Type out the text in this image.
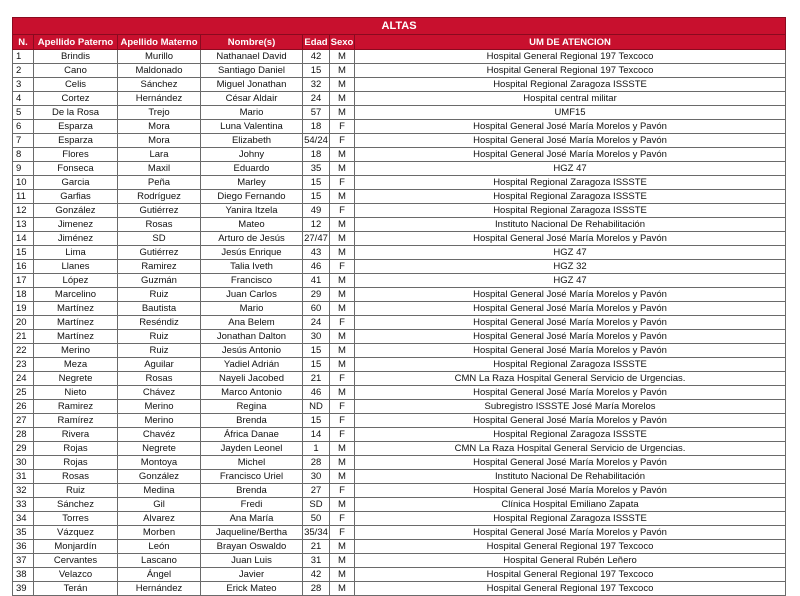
ALTAS						
N.	Apellido Paterno	Apellido Materno	Nombre(s)	Edad	Sexo	UM DE ATENCION
1	Brindis	Murillo	Nathanael David	42	M	Hospital General Regional 197 Texcoco
2	Cano	Maldonado	Santiago Daniel	15	M	Hospital General Regional 197 Texcoco
3	Celis	Sánchez	Miguel Jonathan	32	M	Hospital Regional Zaragoza ISSSTE
4	Cortez	Hernández	César Aldair	24	M	Hospital central militar
5	De la Rosa	Trejo	Mario	57	M	UMF15
6	Esparza	Mora	Luna Valentina	18	F	Hospital General José María Morelos y Pavón
7	Esparza	Mora	Elizabeth	54/24	F	Hospital General José María Morelos y Pavón
8	Flores	Lara	Johny	18	M	Hospital General José María Morelos y Pavón
9	Fonseca	Maxil	Eduardo	35	M	HGZ 47
10	Garcia	Peña	Marley	15	F	Hospital Regional Zaragoza ISSSTE
11	Garfias	Rodríguez	Diego Fernando	15	M	Hospital Regional Zaragoza ISSSTE
12	González	Gutiérrez	Yanira Itzela	49	F	Hospital Regional Zaragoza ISSSTE
13	Jimenez	Rosas	Mateo	12	M	Instituto Nacional De Rehabilitación
14	Jiménez	SD	Arturo de Jesús	27/47	M	Hospital General José María Morelos y Pavón
15	Lima	Gutiérrez	Jesús Enrique	43	M	HGZ 47
16	Llanes	Ramirez	Talia Iveth	46	F	HGZ 32
17	López	Guzmán	Francisco	41	M	HGZ 47
18	Marcelino	Ruiz	Juan Carlos	29	M	Hospital General José María Morelos y Pavón
19	Martínez	Bautista	Mario	60	M	Hospital General José María Morelos y Pavón
20	Martínez	Reséndiz	Ana Belem	24	F	Hospital General José María Morelos y Pavón
21	Martínez	Ruiz	Jonathan Dalton	30	M	Hospital General José María Morelos y Pavón
22	Merino	Ruiz	Jesús Antonio	15	M	Hospital General José María Morelos y Pavón
23	Meza	Aguilar	Yadiel Adrián	15	M	Hospital Regional Zaragoza ISSSTE
24	Negrete	Rosas	Nayeli Jacobed	21	F	CMN La Raza Hospital General Servicio de Urgencias.
25	Nieto	Chávez	Marco Antonio	46	M	Hospital General José María Morelos y Pavón
26	Ramirez	Merino	Regina	ND	F	Subregistro ISSSTE José María Morelos
27	Ramírez	Merino	Brenda	15	F	Hospital General José María Morelos y Pavón
28	Rivera	Chavéz	África Danae	14	F	Hospital Regional Zaragoza ISSSTE
29	Rojas	Negrete	Jayden Leonel	1	M	CMN La Raza Hospital General Servicio de Urgencias.
30	Rojas	Montoya	Michel	28	M	Hospital General José María Morelos y Pavón
31	Rosas	González	Francisco Uriel	30	M	Instituto Nacional De Rehabilitación
32	Ruiz	Medina	Brenda	27	F	Hospital General José María Morelos y Pavón
33	Sánchez	Gil	Fredi	SD	M	Clínica Hospital Emiliano Zapata
34	Torres	Alvarez	Ana María	50	F	Hospital Regional Zaragoza ISSSTE
35	Vázquez	Morben	Jaqueline/Bertha	35/34	F	Hospital General José María Morelos y Pavón
36	Monjardín	León	Brayan Oswaldo	21	M	Hospital General Regional 197 Texcoco
37	Cervantes	Lascano	Juan Luis	31	M	Hospital General Rubén Leñero
38	Velazco	Ángel	Javier	42	M	Hospital General Regional 197 Texcoco
39	Terán	Hernández	Erick Mateo	28	M	Hospital General Regional 197 Texcoco
